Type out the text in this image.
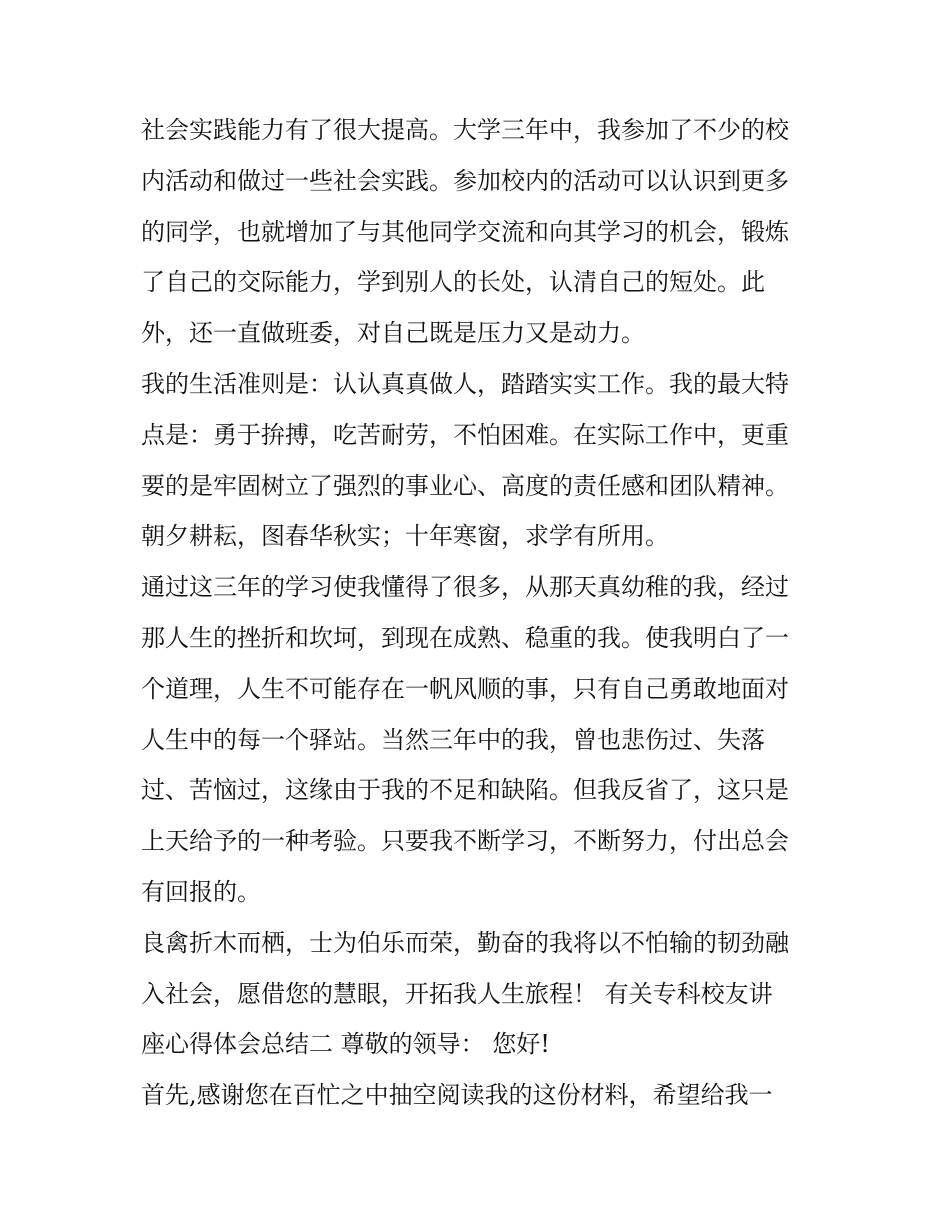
社会实践能力有了很大提高。大学三年中，我参加了不少的校
内活动和做过一些社会实践。参加校内的活动可以认识到更多
的同学，也就增加了与其他同学交流和向其学习的机会，锻炼
了自己的交际能力，学到别人的长处，认清自己的短处。此
外，还一直做班委，对自己既是压力又是动力。
我的生活准则是：认认真真做人，踏踏实实工作。我的最大特
点是：勇于拚搏，吃苦耐劳，不怕困难。在实际工作中，更重
要的是牢固树立了强烈的事业心、高度的责任感和团队精神。
朝夕耕耘，图春华秋实；十年寒窗，求学有所用。
通过这三年的学习使我懂得了很多，从那天真幼稚的我，经过
那人生的挫折和坎坷，到现在成熟、稳重的我。使我明白了一
个道理，人生不可能存在一帆风顺的事，只有自己勇敢地面对
人生中的每一个驿站。当然三年中的我，曾也悲伤过、失落
过、苦恼过，这缘由于我的不足和缺陷。但我反省了，这只是
上天给予的一种考验。只要我不断学习，不断努力，付出总会
有回报的。
良禽折木而栖，士为伯乐而荣，勤奋的我将以不怕输的韧劲融
入社会，愿借您的慧眼，开拓我人生旅程！ 有关专科校友讲
座心得体会总结二 尊敬的领导： 您好!
首先,感谢您在百忙之中抽空阅读我的这份材料，希望给我一
